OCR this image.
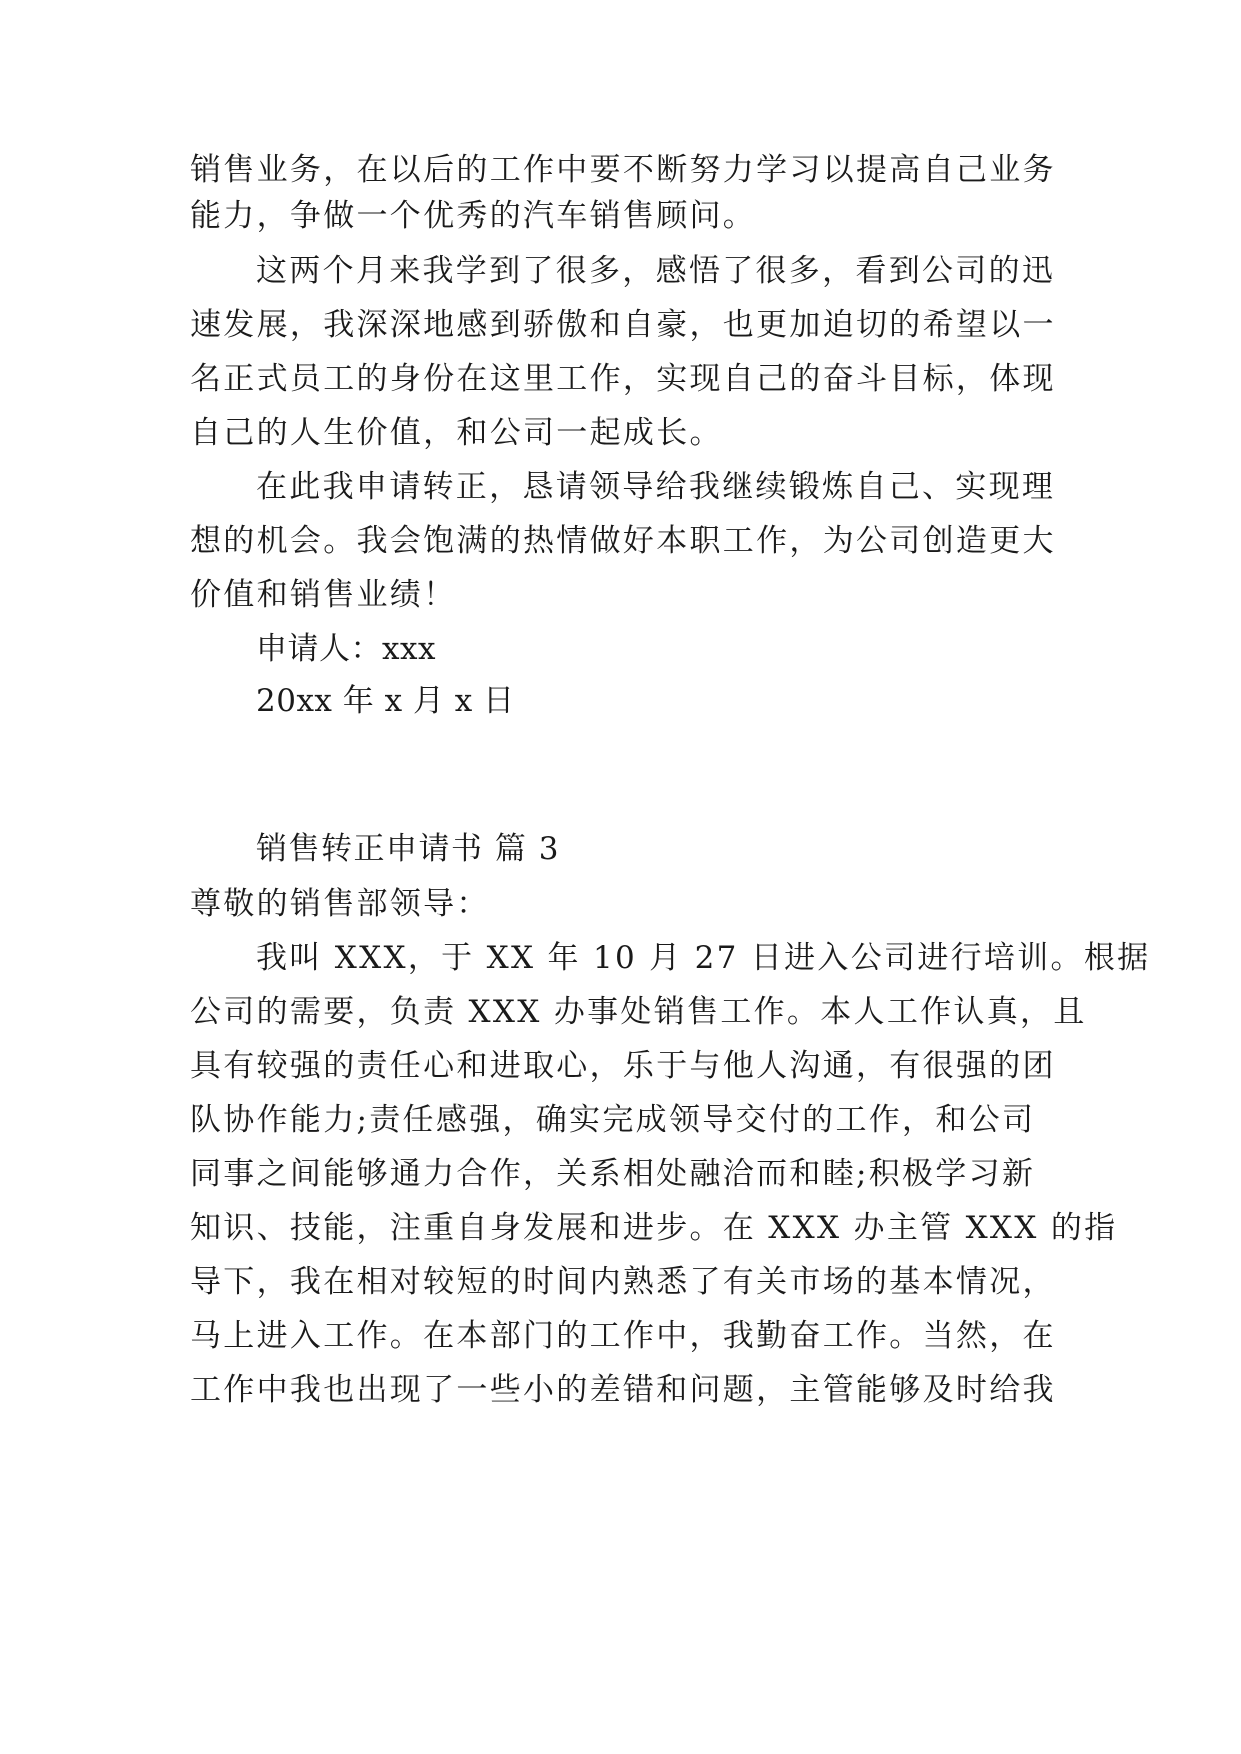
销售业务，在以后的工作中要不断努力学习以提高自己业务
能力，争做一个优秀的汽车销售顾问。
这两个月来我学到了很多，感悟了很多，看到公司的迅
速发展，我深深地感到骄傲和自豪，也更加迫切的希望以一
名正式员工的身份在这里工作，实现自己的奋斗目标，体现
自己的人生价值，和公司一起成长。
在此我申请转正，恳请领导给我继续锻炼自己、实现理
想的机会。我会饱满的热情做好本职工作，为公司创造更大
价值和销售业绩！
申请人：xxx
20xx 年 x 月 x 日
销售转正申请书 篇 3
尊敬的销售部领导：
我叫 XXX，于 XX 年 10 月 27 日进入公司进行培训。根据
公司的需要，负责 XXX 办事处销售工作。本人工作认真，且
具有较强的责任心和进取心，乐于与他人沟通，有很强的团
队协作能力;责任感强，确实完成领导交付的工作，和公司
同事之间能够通力合作，关系相处融洽而和睦;积极学习新
知识、技能，注重自身发展和进步。在 XXX 办主管 XXX 的指
导下，我在相对较短的时间内熟悉了有关市场的基本情况，
马上进入工作。在本部门的工作中，我勤奋工作。当然，在
工作中我也出现了一些小的差错和问题，主管能够及时给我
